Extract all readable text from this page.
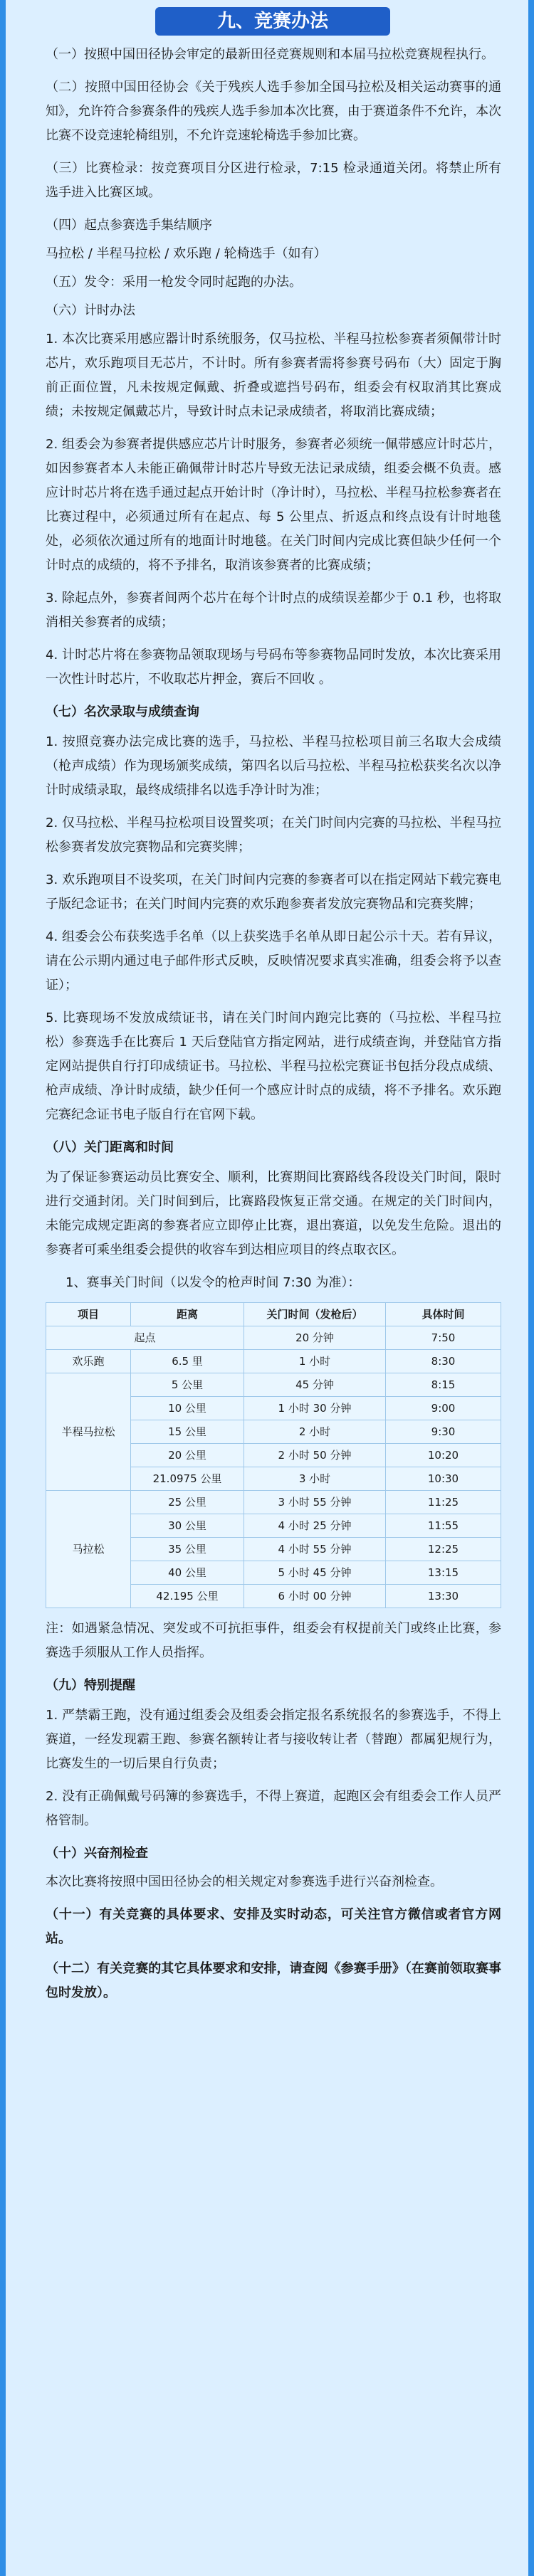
九、竞赛办法

（一）按照中国田径协会审定的最新田径竞赛规则和本届马拉松竞赛规程执行。

（二）按照中国田径协会《关于残疾人选手参加全国马拉松及相关运动赛事的通知》，允许符合参赛条件的残疾人选手参加本次比赛，由于赛道条件不允许，本次比赛不设竞速轮椅组别，不允许竞速轮椅选手参加比赛。

（三）比赛检录：按竞赛项目分区进行检录，7:15 检录通道关闭。将禁止所有选手进入比赛区域。

（四）起点参赛选手集结顺序

马拉松 / 半程马拉松 / 欢乐跑 / 轮椅选手（如有）

（五）发令：采用一枪发令同时起跑的办法。

（六）计时办法

1. 本次比赛采用感应器计时系统服务，仅马拉松、半程马拉松参赛者须佩带计时芯片，欢乐跑项目无芯片，不计时。所有参赛者需将参赛号码布（大）固定于胸前正面位置，凡未按规定佩戴、折叠或遮挡号码布，组委会有权取消其比赛成绩；未按规定佩戴芯片，导致计时点未记录成绩者，将取消比赛成绩；

2. 组委会为参赛者提供感应芯片计时服务，参赛者必须统一佩带感应计时芯片，如因参赛者本人未能正确佩带计时芯片导致无法记录成绩，组委会概不负责。感应计时芯片将在选手通过起点开始计时（净计时），马拉松、半程马拉松参赛者在比赛过程中，必须通过所有在起点、每 5 公里点、折返点和终点设有计时地毯处，必须依次通过所有的地面计时地毯。在关门时间内完成比赛但缺少任何一个计时点的成绩的，将不予排名，取消该参赛者的比赛成绩；

3. 除起点外，参赛者间两个芯片在每个计时点的成绩误差都少于 0.1 秒，也将取消相关参赛者的成绩；

4. 计时芯片将在参赛物品领取现场与号码布等参赛物品同时发放，本次比赛采用一次性计时芯片，不收取芯片押金，赛后不回收 。

（七）名次录取与成绩查询

1. 按照竞赛办法完成比赛的选手，马拉松、半程马拉松项目前三名取大会成绩（枪声成绩）作为现场颁奖成绩，第四名以后马拉松、半程马拉松获奖名次以净计时成绩录取，最终成绩排名以选手净计时为准；

2. 仅马拉松、半程马拉松项目设置奖项；在关门时间内完赛的马拉松、半程马拉松参赛者发放完赛物品和完赛奖牌；

3. 欢乐跑项目不设奖项，在关门时间内完赛的参赛者可以在指定网站下载完赛电子版纪念证书；在关门时间内完赛的欢乐跑参赛者发放完赛物品和完赛奖牌；

4. 组委会公布获奖选手名单（以上获奖选手名单从即日起公示十天。若有异议，请在公示期内通过电子邮件形式反映，反映情况要求真实准确，组委会将予以查证）；

5. 比赛现场不发放成绩证书，请在关门时间内跑完比赛的（马拉松、半程马拉松）参赛选手在比赛后 1 天后登陆官方指定网站，进行成绩查询，并登陆官方指定网站提供自行打印成绩证书。马拉松、半程马拉松完赛证书包括分段点成绩、枪声成绩、净计时成绩，缺少任何一个感应计时点的成绩，将不予排名。欢乐跑完赛纪念证书电子版自行在官网下载。

（八）关门距离和时间

为了保证参赛运动员比赛安全、顺利，比赛期间比赛路线各段设关门时间，限时进行交通封闭。关门时间到后，比赛路段恢复正常交通。在规定的关门时间内，未能完成规定距离的参赛者应立即停止比赛，退出赛道，以免发生危险。退出的参赛者可乘坐组委会提供的收容车到达相应项目的终点取衣区。

1、赛事关门时间（以发令的枪声时间 7:30 为准）：

项目	距离	关门时间（发枪后）	具体时间
起点		20 分钟	7:50
欢乐跑	6.5 里	1 小时	8:30
半程马拉松	5 公里	45 分钟	8:15
	10 公里	1 小时 30 分钟	9:00
	15 公里	2 小时	9:30
	20 公里	2 小时 50 分钟	10:20
	21.0975 公里	3 小时	10:30
马拉松	25 公里	3 小时 55 分钟	11:25
	30 公里	4 小时 25 分钟	11:55
	35 公里	4 小时 55 分钟	12:25
	40 公里	5 小时 45 分钟	13:15
	42.195 公里	6 小时 00 分钟	13:30

注：如遇紧急情况、突发或不可抗拒事件，组委会有权提前关门或终止比赛，参赛选手须服从工作人员指挥。

（九）特别提醒

1. 严禁霸王跑，没有通过组委会及组委会指定报名系统报名的参赛选手，不得上赛道，一经发现霸王跑、参赛名额转让者与接收转让者（替跑）都属犯规行为，比赛发生的一切后果自行负责；

2. 没有正确佩戴号码簿的参赛选手，不得上赛道，起跑区会有组委会工作人员严格管制。

（十）兴奋剂检查

本次比赛将按照中国田径协会的相关规定对参赛选手进行兴奋剂检查。

（十一）有关竞赛的具体要求、安排及实时动态，可关注官方微信或者官方网站。

（十二）有关竞赛的其它具体要求和安排，请查阅《参赛手册》（在赛前领取赛事包时发放）。
